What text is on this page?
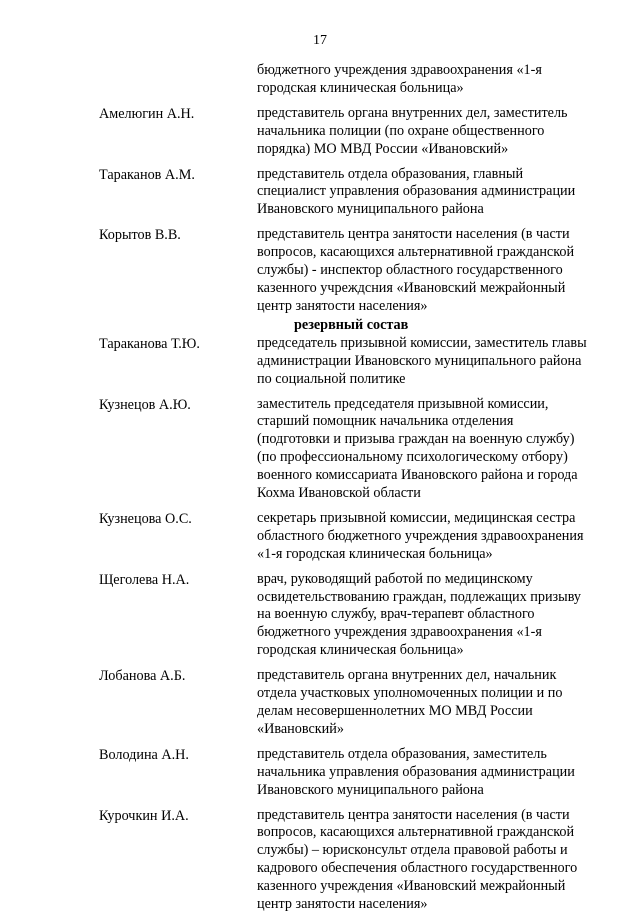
17
бюджетного учреждения здравоохранения «1-я
городская клиническая больница»
Амелюгин А.Н.	представитель органа внутренних дел, заместитель
начальника полиции (по охране общественного
порядка) МО МВД России «Ивановский»
Тараканов А.М.	представитель отдела образования, главный
специалист управления образования администрации
Ивановского муниципального района
Корытов В.В.	представитель центра занятости населения (в части
вопросов, касающихся альтернативной гражданской
службы) - инспектор областного государственного
казенного учреждсния «Ивановский межрайонный
центр занятости населения»
резервный состав
Тараканова Т.Ю.	председатель призывной комиссии, заместитель главы
администрации Ивановского муниципального района
по социальной политике
Кузнецов А.Ю.	заместитель председателя призывной комиссии,
старший помощник начальника отделения
(подготовки и призыва граждан на военную службу)
(по профессиональному психологическому отбору)
военного комиссариата Ивановского района и города
Кохма Ивановской области
Кузнецова О.С.	секретарь призывной комиссии, медицинская сестра
областного бюджетного учреждения здравоохранения
«1-я городская клиническая больница»
Щеголева Н.А.	врач, руководящий работой по медицинскому
освидетельствованию граждан, подлежащих призыву
на военную службу, врач-терапевт областного
бюджетного учреждения здравоохранения «1-я
городская клиническая больница»
Лобанова А.Б.	представитель органа внутренних дел, начальник
отдела участковых уполномоченных полиции и по
делам несовершеннолетних МО МВД России
«Ивановский»
Володина А.Н.	представитель отдела образования, заместитель
начальника управления образования администрации
Ивановского муниципального района
Курочкин И.А.	представитель центра занятости населения (в части
вопросов, касающихся альтернативной гражданской
службы) – юрисконсульт отдела правовой работы и
кадрового обеспечения областного государственного
казенного учреждения «Ивановский межрайонный
центр занятости населения»
